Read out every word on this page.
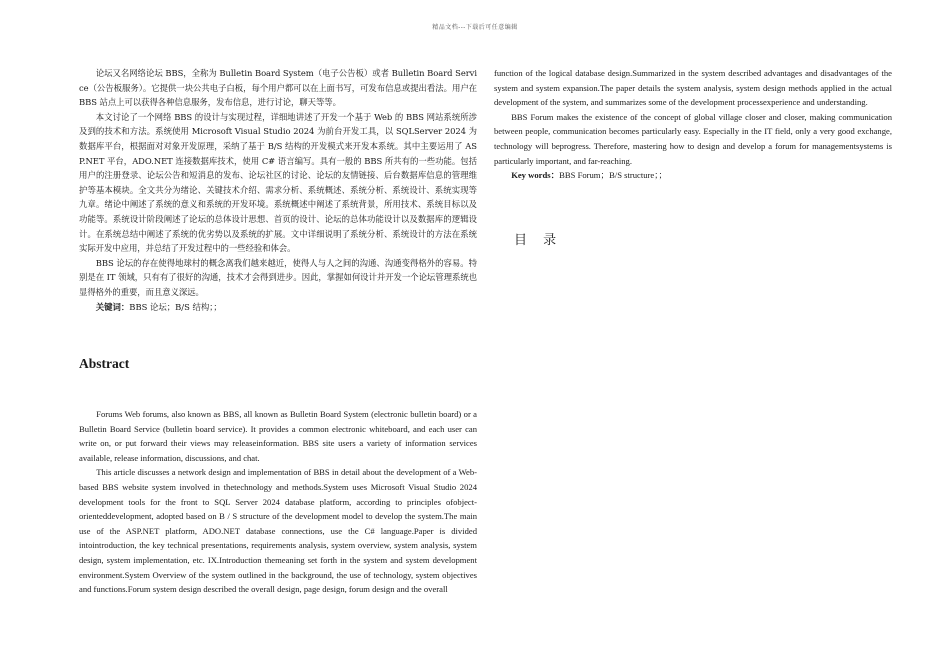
精品文档---下载后可任意编辑

论坛又名网络论坛 BBS，全称为 Bulletin Board System（电子公告板）或者 Bulletin Board Service（公告板服务）。它提供一块公共电子白板，每个用户都可以在上面书写，可发布信息或提出看法。用户在 BBS 站点上可以获得各种信息服务，发布信息，进行讨论，聊天等等。

本文讨论了一个网络 BBS 的设计与实现过程，详细地讲述了开发一个基于 Web 的 BBS 网站系统所涉及到的技术和方法。系统使用 Microsoft Visual Studio 2024 为前台开发工具，以 SQLServer 2024 为数据库平台，根据面对对象开发原理，采纳了基于 B/S 结构的开发模式来开发本系统。其中主要运用了 ASP.NET 平台，ADO.NET 连接数据库技术，使用 C# 语言编写。具有一般的 BBS 所共有的一些功能。包括用户的注册登录、论坛公告和短消息的发布、论坛社区的讨论、论坛的友情链接、后台数据库信息的管理维护等基本模块。全文共分为绪论、关键技术介绍、需求分析、系统概述、系统分析、系统设计、系统实现等九章。绪论中阐述了系统的意义和系统的开发环境。系统概述中阐述了系统背景，所用技术、系统目标以及功能等。系统设计阶段阐述了论坛的总体设计思想、首页的设计、论坛的总体功能设计以及数据库的逻辑设计。在系统总结中阐述了系统的优劣势以及系统的扩展。文中详细说明了系统分析、系统设计的方法在系统实际开发中应用，并总结了开发过程中的一些经验和体会。

BBS 论坛的存在使得地球村的概念离我们越来越近，使得人与人之间的沟通、沟通变得格外的容易。特别是在 IT 领域，只有有了很好的沟通，技术才会得到进步。因此，掌握如何设计并开发一个论坛管理系统也显得格外的重要，而且意义深远。

关键词：BBS 论坛；B/S 结构；；

Abstract

Forums Web forums, also known as BBS, all known as Bulletin Board System (electronic bulletin board) or a Bulletin Board Service (bulletin board service). It provides a common electronic whiteboard, and each user can write on, or put forward their views may releaseinformation. BBS site users a variety of information services available, release information, discussions, and chat.

This article discusses a network design and implementation of BBS in detail about the development of a Web-based BBS website system involved in thetechnology and methods.System uses Microsoft Visual Studio 2024 development tools for the front to SQL Server 2024 database platform, according to principles ofobject-orienteddevelopment, adopted based on B / S structure of the development model to develop the system.The main use of the ASP.NET platform, ADO.NET database connections, use the C# language.Paper is divided intointroduction, the key technical presentations, requirements analysis, system overview, system analysis, system design, system implementation, etc. IX.Introduction themeaning set forth in the system and system development environment.System Overview of the system outlined in the background, the use of technology, system objectives and functions.Forum system design described the overall design, page design, forum design and the overall

function of the logical database design.Summarized in the system described advantages and disadvantages of the system and system expansion.The paper details the system analysis, system design methods applied in the actual development of the system, and summarizes some of the development processexperience and understanding.

BBS Forum makes the existence of the concept of global village closer and closer, making communication between people, communication becomes particularly easy. Especially in the IT field, only a very good exchange, technology will beprogress. Therefore, mastering how to design and develop a forum for managementsystems is particularly important, and far-reaching.

Key words：BBS Forum；B/S structure；；

目 录
